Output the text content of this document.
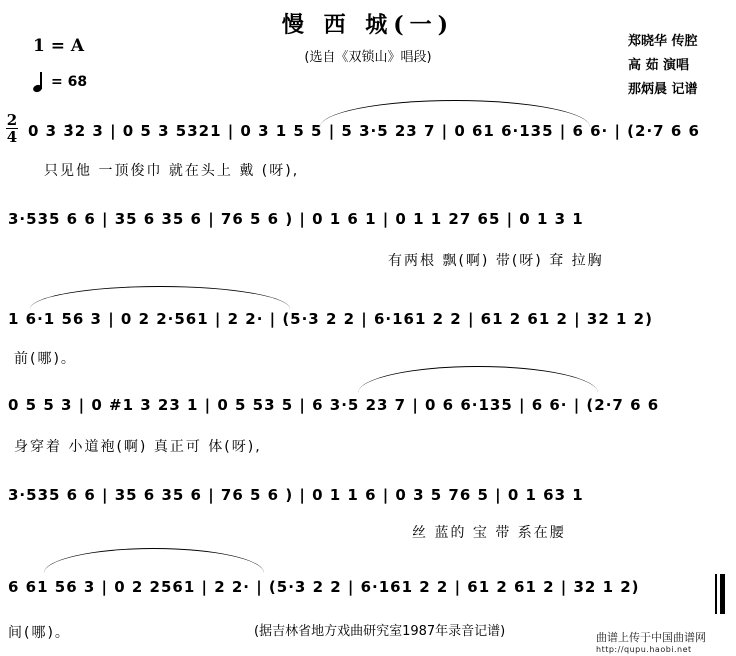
慢 西 城(一)
(选自《双锁山》唱段)
1 = A
= 68
郑晓华 传腔
高 茹 演唱
那炳晨 记谱
2
4 0 3 3̇2 3 | 0 5 3 5321 | 0 3 1 5 5 | 5 3·5 23 7 | 0 61 6·135 | 6 6· | (2·7 6 6
只见他 一顶俊巾 就在头上 戴 (呀),
3·535 6 6 | 35 6 35 6 | 76 5 6 ) | 0 1 6 1 | 0 1 1 27 65 | 0 1 3 1
有两根 飘(啊) 带(呀) 耷 拉胸
1 6·1 56 3 | 0 2 2·561 | 2 2· | (5·3 2 2 | 6·161 2 2 | 61 2 61 2 | 32 1 2)
前(哪)。
0 5 5 3 | 0 #1 3 23 1 | 0 5 53 5 | 6 3·5 23 7 | 0 6 6·135 | 6 6· | (2·7 6 6
身穿着 小道袍(啊) 真正可 体(呀),
3·535 6 6 | 35 6 35 6 | 76 5 6 ) | 0 1 1 6 | 0 3 5 76 5 | 0 1 63 1
丝 蓝的 宝 带 系在腰
6 61 56 3 | 0 2 2561 | 2 2· | (5·3 2 2 | 6·161 2 2 | 61 2 61 2 | 32 1 2)
间(哪)。	(据吉林省地方戏曲研究室1987年录音记谱)	曲谱上传于中国曲谱网
http://qupu.haobi.net
